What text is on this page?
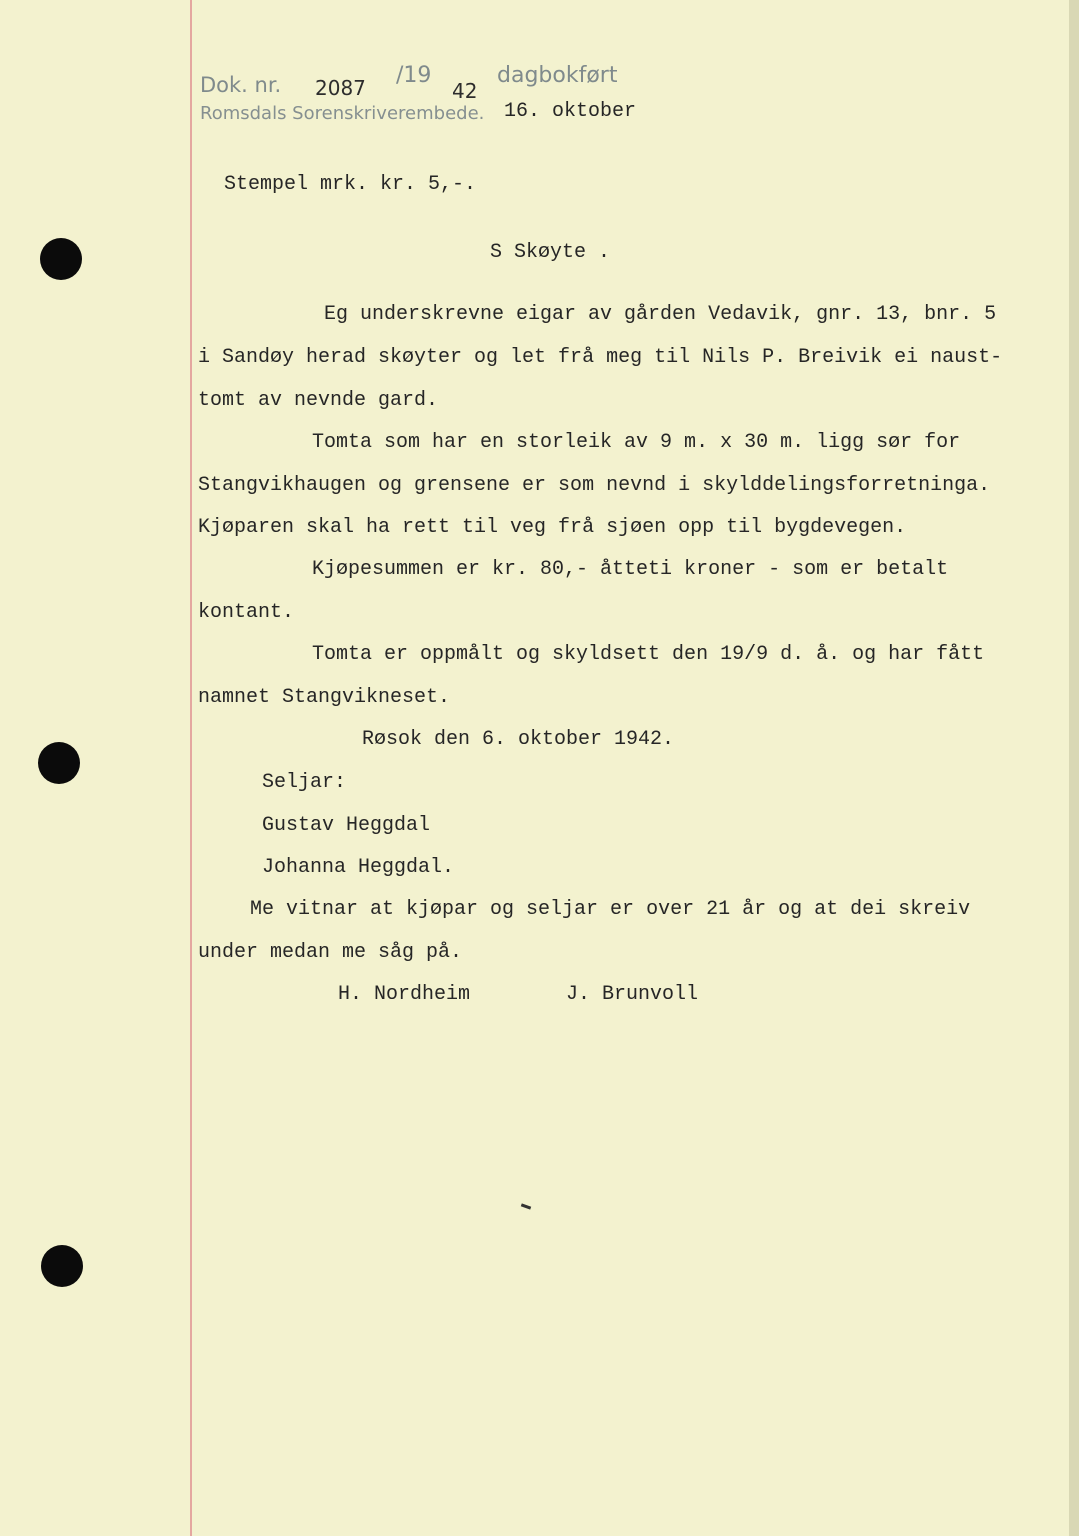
Dok. nr. 2087 /19
42
dagbokført
Romsdals Sorenskriverembede. 16. oktober
Stempel mrk. kr. 5,-.
S Skøyte .
Eg underskrevne eigar av gården Vedavik, gnr. 13, bnr. 5
i Sandøy herad skøyter og let frå meg til Nils P. Breivik ei naust-
tomt av nevnde gard.
Tomta som har en storleik av 9 m. x 30 m. ligg sør for
Stangvikhaugen og grensene er som nevnd i skylddelingsforretninga.
Kjøparen skal ha rett til veg frå sjøen opp til bygdevegen.
Kjøpesummen er kr. 80,- åtteti kroner - som er betalt
kontant.
Tomta er oppmålt og skyldsett den 19/9 d. å. og har fått
namnet Stangvikneset.
Røsok den 6. oktober 1942.
Seljar:
Gustav Heggdal
Johanna Heggdal.
Me vitnar at kjøpar og seljar er over 21 år og at dei skreiv
under medan me såg på.
H. Nordheim	J. Brunvoll
